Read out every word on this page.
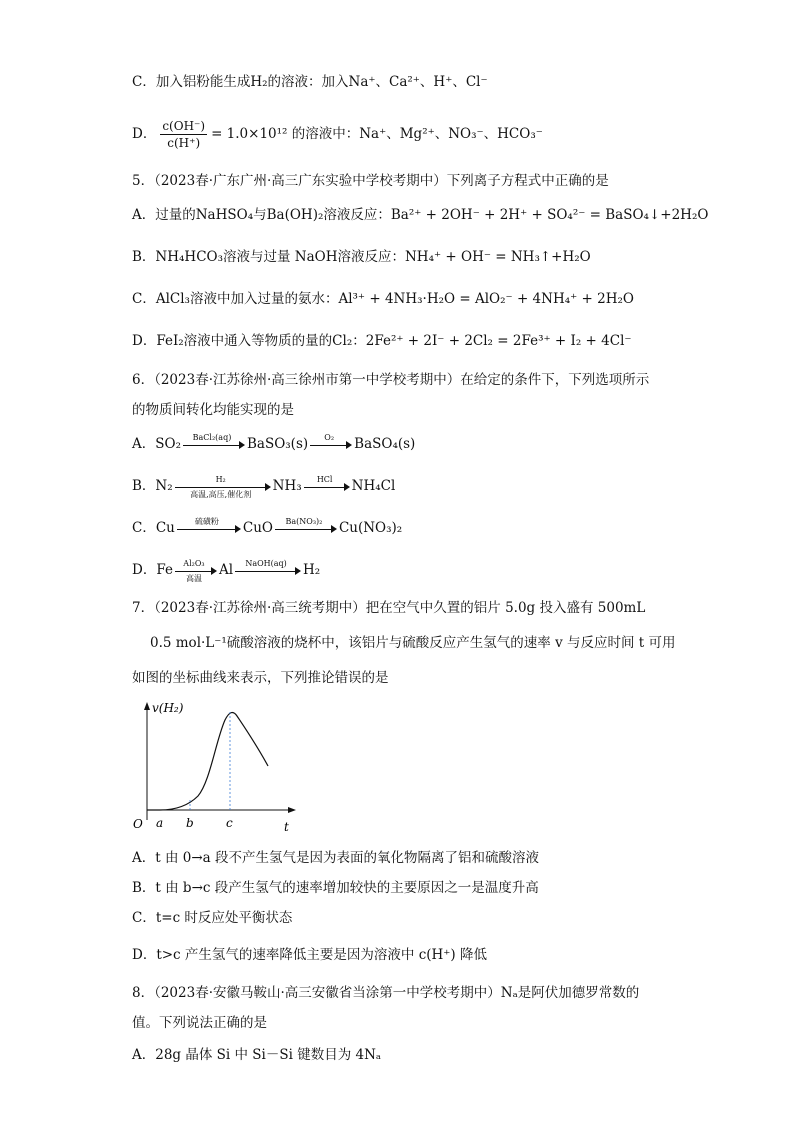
C．加入铝粉能生成H₂的溶液：加入Na⁺、Ca²⁺、H⁺、Cl⁻
D． $\frac{c(OH^-)}{c(H^+)} = 1.0\times 10^{12}$ 的溶液中：Na⁺、Mg²⁺、NO₃⁻、HCO₃⁻
5．（2023春·广东广州·高三广东实验中学校考期中）下列离子方程式中正确的是
A．过量的NaHSO₄与Ba(OH)₂溶液反应：Ba²⁺ + 2OH⁻ + 2H⁺ + SO₄²⁻ = BaSO₄↓+2H₂O
B．NH₄HCO₃溶液与过量 NaOH溶液反应：NH₄⁺ + OH⁻ = NH₃↑+H₂O
C．AlCl₃溶液中加入过量的氨水：Al³⁺ + 4NH₃·H₂O = AlO₂⁻ + 4NH₄⁺ + 2H₂O
D．FeI₂溶液中通入等物质的量的Cl₂：2Fe²⁺ + 2I⁻ + 2Cl₂ = 2Fe³⁺ + I₂ + 4Cl⁻
6．（2023春·江苏徐州·高三徐州市第一中学校考期中）在给定的条件下，下列选项所示
的物质间转化均能实现的是
A．SO₂	BaCl₂(aq)	BaSO₃(s)	O₂	BaSO₄(s)
B．N₂	H₂
高温,高压,催化剂	NH₃	HCl	NH₄Cl
C．Cu	硫磺粉	CuO	Ba(NO₃)₂	Cu(NO₃)₂
D．Fe	Al₂O₃
高温	Al	NaOH(aq)	H₂
7．（2023春·江苏徐州·高三统考期中）把在空气中久置的铝片 5.0g 投入盛有 500mL
0.5 mol·L⁻¹硫酸溶液的烧杯中，该铝片与硫酸反应产生氢气的速率 v 与反应时间 t 可用
如图的坐标曲线来表示，下列推论错误的是
v(H₂)
O a b	c	t
A．t 由 0→a 段不产生氢气是因为表面的氧化物隔离了铝和硫酸溶液
B．t 由 b→c 段产生氢气的速率增加较快的主要原因之一是温度升高
C．t=c 时反应处平衡状态
D．t>c 产生氢气的速率降低主要是因为溶液中 c(H⁺) 降低
8．（2023春·安徽马鞍山·高三安徽省当涂第一中学校考期中）Nₐ是阿伏加德罗常数的
值。下列说法正确的是
A．28g 晶体 Si 中 Si－Si 键数目为 4Nₐ
